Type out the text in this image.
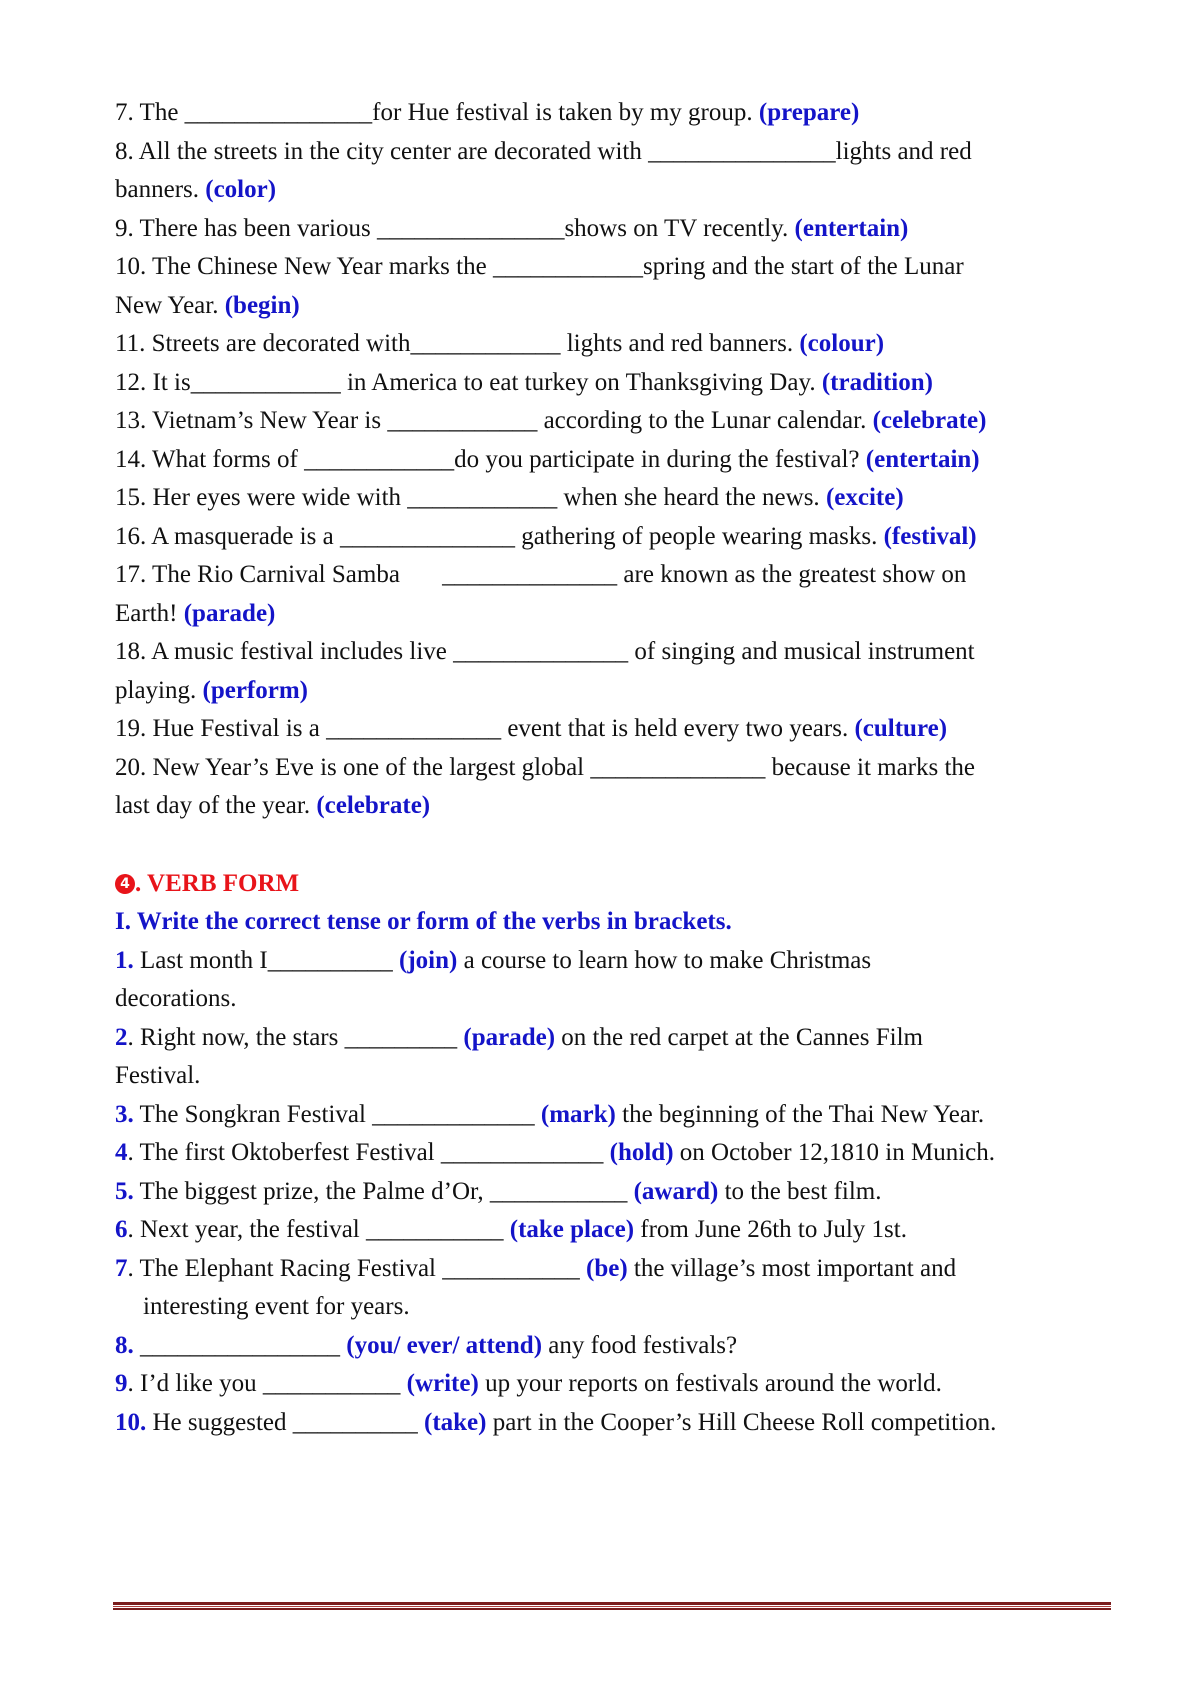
7. The _______________for Hue festival is taken by my group. (prepare)
8. All the streets in the city center are decorated with _______________lights and red
banners. (color)
9. There has been various _______________shows on TV recently. (entertain)
10. The Chinese New Year marks the ____________spring and the start of the Lunar
New Year. (begin)
11. Streets are decorated with____________ lights and red banners. (colour)
12. It is____________ in America to eat turkey on Thanksgiving Day. (tradition)
13. Vietnam’s New Year is ____________ according to the Lunar calendar. (celebrate)
14. What forms of ____________do you participate in during the festival? (entertain)
15. Her eyes were wide with ____________ when she heard the news. (excite)
16. A masquerade is a ______________ gathering of people wearing masks. (festival)
17. The Rio Carnival Samba ______________ are known as the greatest show on
Earth! (parade)
18. A music festival includes live ______________ of singing and musical instrument
playing. (perform)
19. Hue Festival is a ______________ event that is held every two years. (culture)
20. New Year’s Eve is one of the largest global ______________ because it marks the
last day of the year. (celebrate)
4 . VERB FORM
I. Write the correct tense or form of the verbs in brackets.
1. Last month I__________ (join) a course to learn how to make Christmas
decorations.
2. Right now, the stars _________ (parade) on the red carpet at the Cannes Film
Festival.
3. The Songkran Festival _____________ (mark) the beginning of the Thai New Year.
4. The first Oktoberfest Festival _____________ (hold) on October 12,1810 in Munich.
5. The biggest prize, the Palme d’Or, ___________ (award) to the best film.
6. Next year, the festival ___________ (take place) from June 26th to July 1st.
7. The Elephant Racing Festival ___________ (be) the village’s most important and
interesting event for years.
8. ________________ (you/ ever/ attend) any food festivals?
9. I’d like you ___________ (write) up your reports on festivals around the world.
10. He suggested __________ (take) part in the Cooper’s Hill Cheese Roll competition.
